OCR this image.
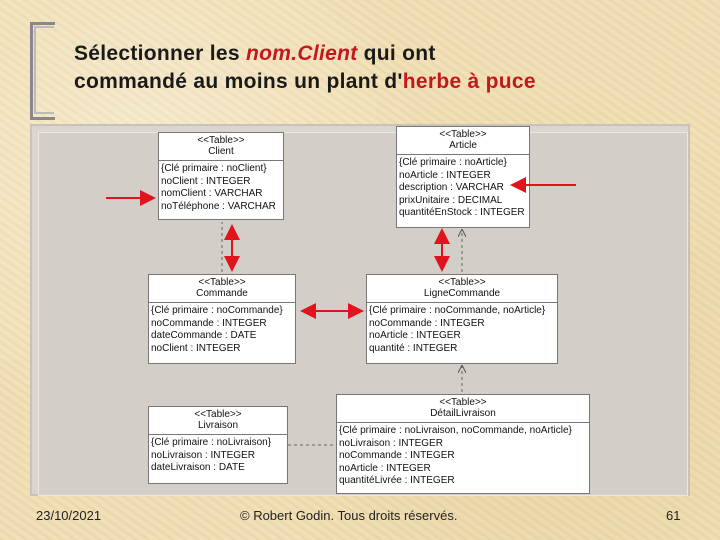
Sélectionner les nom.Client qui ont
commandé au moins un plant d'herbe à puce
<<Table>>
Client
{Clé primaire : noClient}
noClient : INTEGER
nomClient : VARCHAR
noTéléphone : VARCHAR
<<Table>>
Article
{Clé primaire : noArticle}
noArticle : INTEGER
description : VARCHAR
prixUnitaire : DECIMAL
quantitéEnStock : INTEGER
<<Table>>
Commande
{Clé primaire : noCommande}
noCommande : INTEGER
dateCommande : DATE
noClient : INTEGER
<<Table>>
LigneCommande
{Clé primaire : noCommande, noArticle}
noCommande : INTEGER
noArticle : INTEGER
quantité : INTEGER
<<Table>>
Livraison
{Clé primaire : noLivraison}
noLivraison : INTEGER
dateLivraison : DATE
<<Table>>
DétailLivraison
{Clé primaire : noLivraison, noCommande, noArticle}
noLivraison : INTEGER
noCommande : INTEGER
noArticle : INTEGER
quantitéLivrée : INTEGER
23/10/2021	© Robert Godin. Tous droits réservés.	61
